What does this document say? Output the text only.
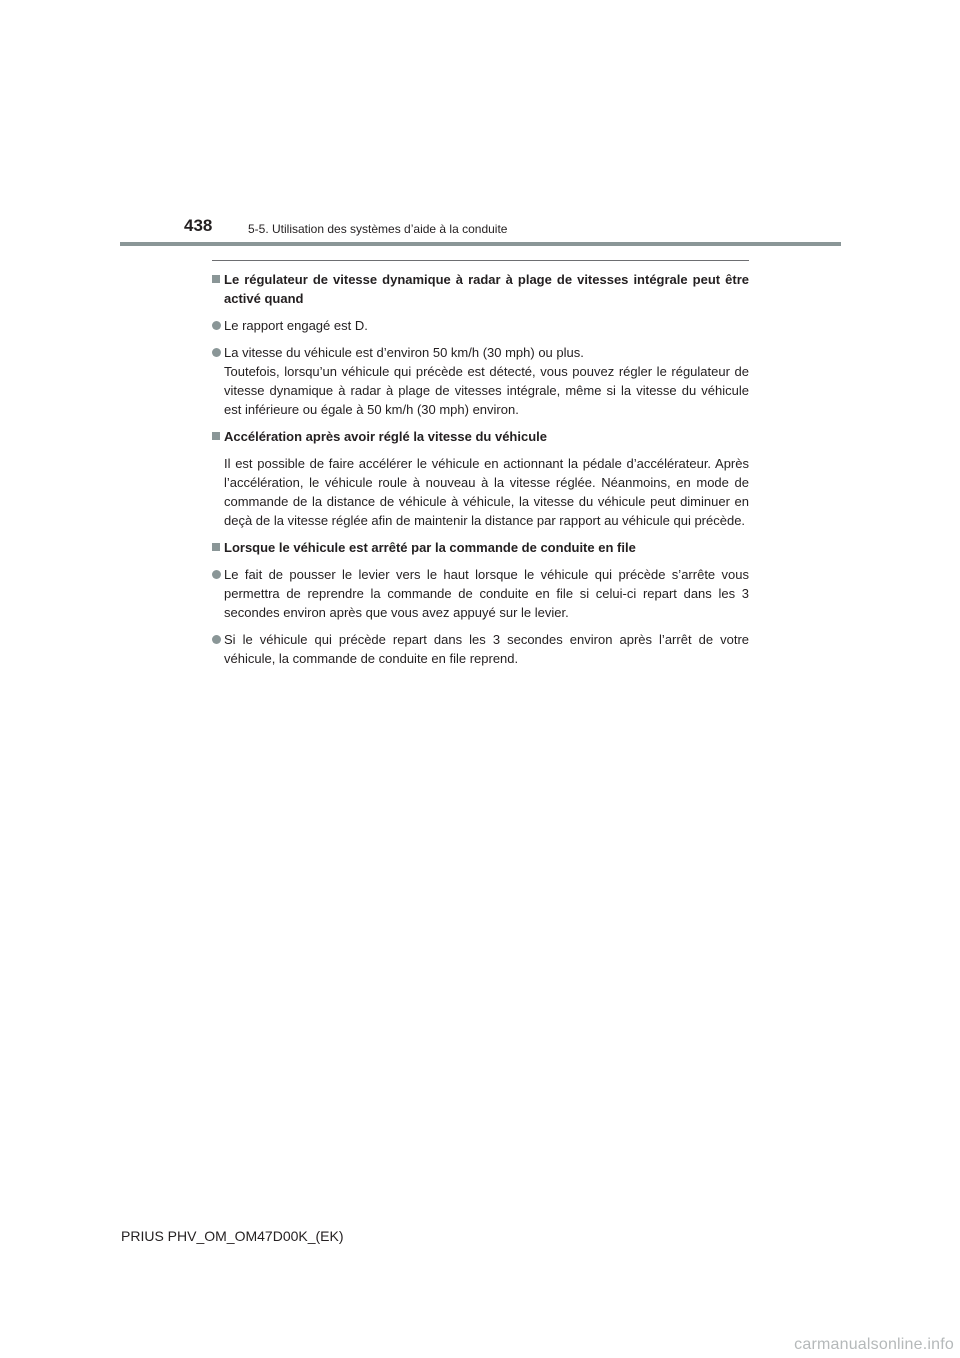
438	5-5. Utilisation des systèmes d’aide à la conduite
Le régulateur de vitesse dynamique à radar à plage de vitesses intégrale peut être activé quand
Le rapport engagé est D.
La vitesse du véhicule est d’environ 50 km/h (30 mph) ou plus.
Toutefois, lorsqu’un véhicule qui précède est détecté, vous pouvez régler le régulateur de vitesse dynamique à radar à plage de vitesses intégrale, même si la vitesse du véhicule est inférieure ou égale à 50 km/h (30 mph) environ.
Accélération après avoir réglé la vitesse du véhicule
Il est possible de faire accélérer le véhicule en actionnant la pédale d’accélérateur. Après l’accélération, le véhicule roule à nouveau à la vitesse réglée. Néanmoins, en mode de commande de la distance de véhicule à véhicule, la vitesse du véhicule peut diminuer en deçà de la vitesse réglée afin de maintenir la distance par rapport au véhicule qui précède.
Lorsque le véhicule est arrêté par la commande de conduite en file
Le fait de pousser le levier vers le haut lorsque le véhicule qui précède s’arrête vous permettra de reprendre la commande de conduite en file si celui-ci repart dans les 3 secondes environ après que vous avez appuyé sur le levier.
Si le véhicule qui précède repart dans les 3 secondes environ après l’arrêt de votre véhicule, la commande de conduite en file reprend.
PRIUS PHV_OM_OM47D00K_(EK)
carmanualsonline.info
